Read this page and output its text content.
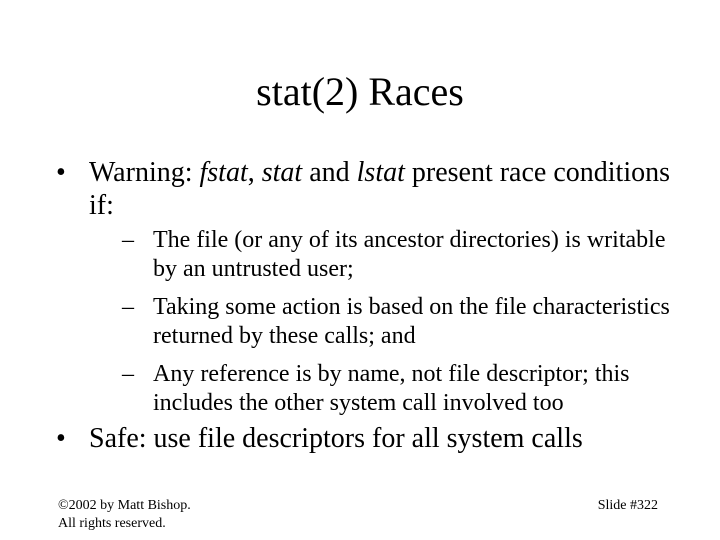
stat(2) Races
• Warning: fstat, stat and lstat present race conditions if:
– The file (or any of its ancestor directories) is writable by an untrusted user;
– Taking some action is based on the file characteristics returned by these calls; and
– Any reference is by name, not file descriptor; this includes the other system call involved too
• Safe: use file descriptors for all system calls
©2002 by Matt Bishop.
All rights reserved.
Slide #322
